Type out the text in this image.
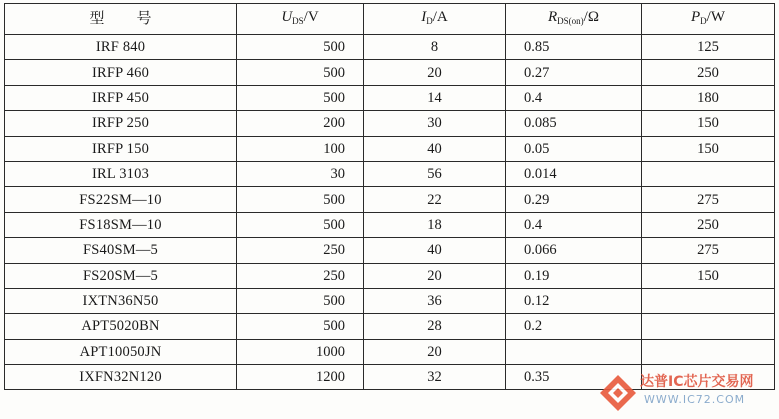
型 号	$U_{DS}/V$	$I_D/A$	$R_{DS(on)}/\Omega$	$P_D/W$
IRF 840	500	8	0.85	125
IRFP 460	500	20	0.27	250
IRFP 450	500	14	0.4	180
IRFP 250	200	30	0.085	150
IRFP 150	100	40	0.05	150
IRL 3103	30	56	0.014	
FS22SM—10	500	22	0.29	275
FS18SM—10	500	18	0.4	250
FS40SM—5	250	40	0.066	275
FS20SM—5	250	20	0.19	150
IXTN36N50	500	36	0.12	
APT5020BN	500	28	0.2	
APT10050JN	1000	20		
IXFN32N120	1200	32	0.35		达普IC芯片交易网
WWW.IC72.COM
